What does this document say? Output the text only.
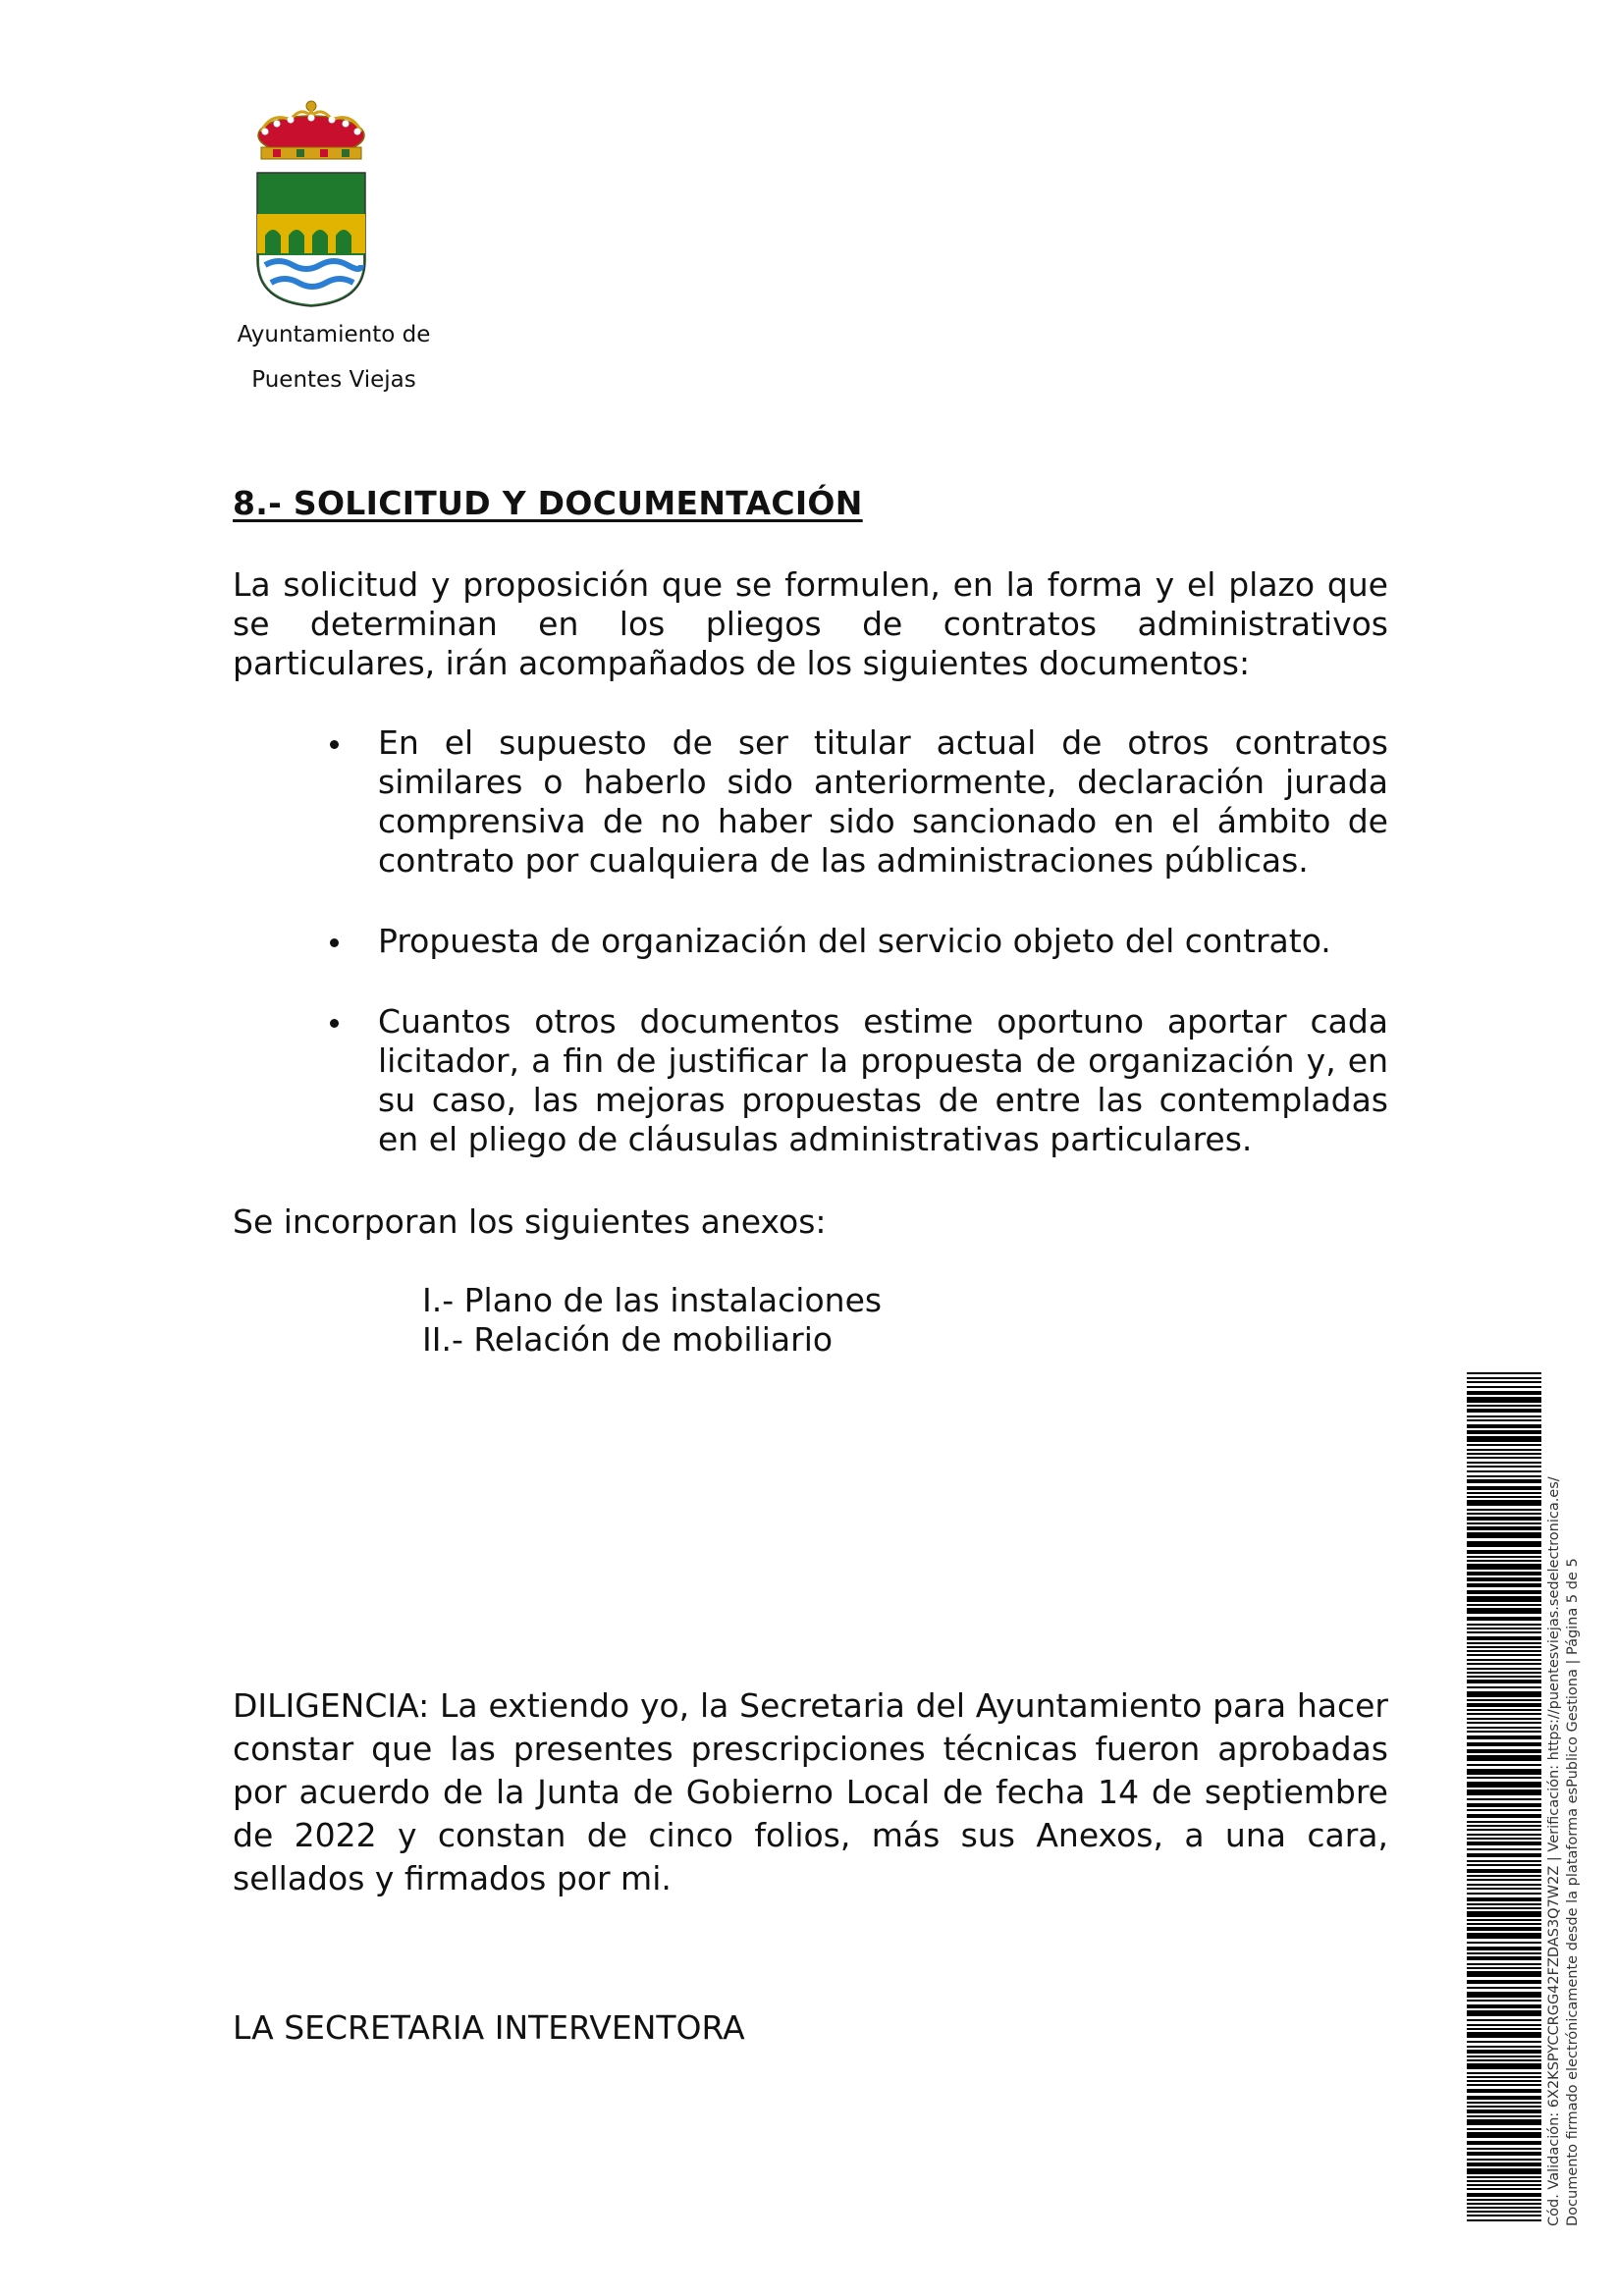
Ayuntamiento de
Puentes Viejas
8.- SOLICITUD Y DOCUMENTACIÓN
La solicitud y proposición que se formulen, en la forma y el plazo que se determinan en los pliegos de contratos administrativos particulares, irán acompañados de los siguientes documentos:
En el supuesto de ser titular actual de otros contratos similares o haberlo sido anteriormente, declaración jurada comprensiva de no haber sido sancionado en el ámbito de contrato por cualquiera de las administraciones públicas.
Propuesta de organización del servicio objeto del contrato.
Cuantos otros documentos estime oportuno aportar cada licitador, a fin de justificar la propuesta de organización y, en su caso, las mejoras propuestas de entre las contempladas en el pliego de cláusulas administrativas particulares.
Se incorporan los siguientes anexos:
I.- Plano de las instalaciones
II.- Relación de mobiliario
DILIGENCIA: La extiendo yo, la Secretaria del Ayuntamiento para hacer constar que las presentes prescripciones técnicas fueron aprobadas por acuerdo de la Junta de Gobierno Local de fecha 14 de septiembre de 2022 y constan de cinco folios, más sus Anexos, a una cara, sellados y firmados por mi.
LA SECRETARIA INTERVENTORA	Cód. Validación: 6X2KSPYCCRGG42FZDAS3Q7W2Z | Verificación: https://puentesviejas.sedelectronica.es/ Documento firmado electrónicamente desde la plataforma esPublico Gestiona | Página 5 de 5
